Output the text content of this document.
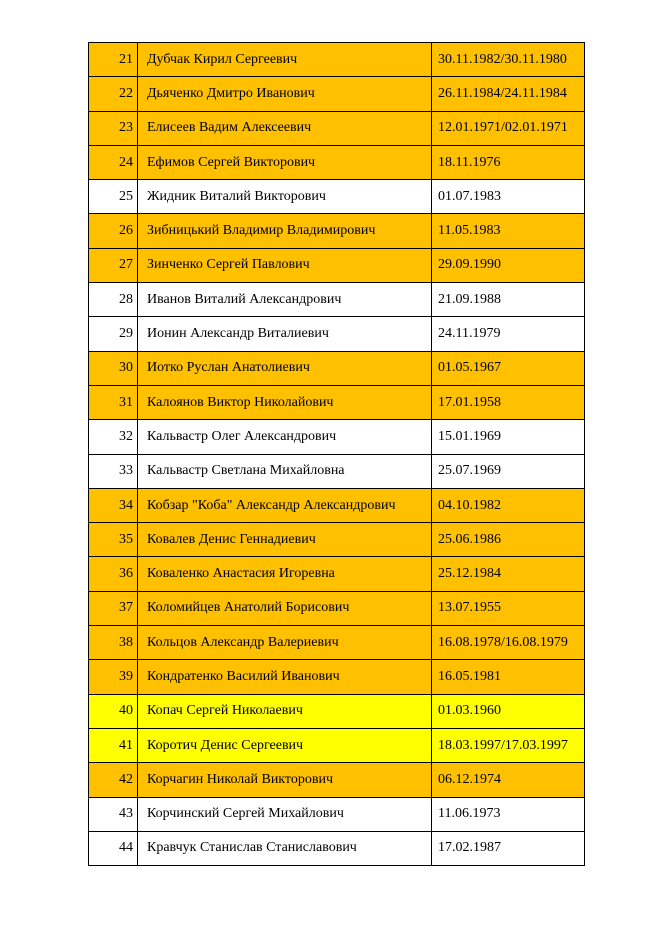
21	Дубчак Кирил Сергеевич	30.11.1982/30.11.1980
22	Дьяченко Дмитро Иванович	26.11.1984/24.11.1984
23	Елисеев Вадим Алексеевич	12.01.1971/02.01.1971
24	Ефимов Сергей Викторович	18.11.1976
25	Жидник Виталий Викторович	01.07.1983
26	Зибницький Владимир Владимирович	11.05.1983
27	Зинченко Сергей Павлович	29.09.1990
28	Иванов Виталий Александрович	21.09.1988
29	Ионин Александр Виталиевич	24.11.1979
30	Иотко Руслан Анатолиевич	01.05.1967
31	Калоянов Виктор Николайович	17.01.1958
32	Кальвастр Олег Александрович	15.01.1969
33	Кальвастр Светлана Михайловна	25.07.1969
34	Кобзар "Коба" Александр Александрович	04.10.1982
35	Ковалев Денис Геннадиевич	25.06.1986
36	Коваленко Анастасия Игоревна	25.12.1984
37	Коломийцев Анатолий Борисович	13.07.1955
38	Кольцов Александр Валериевич	16.08.1978/16.08.1979
39	Кондратенко Василий Иванович	16.05.1981
40	Копач Сергей Николаевич	01.03.1960
41	Коротич Денис Сергеевич	18.03.1997/17.03.1997
42	Корчагин Николай Викторович	06.12.1974
43	Корчинский Сергей Михайлович	11.06.1973
44	Кравчук Станислав Станиславович	17.02.1987
